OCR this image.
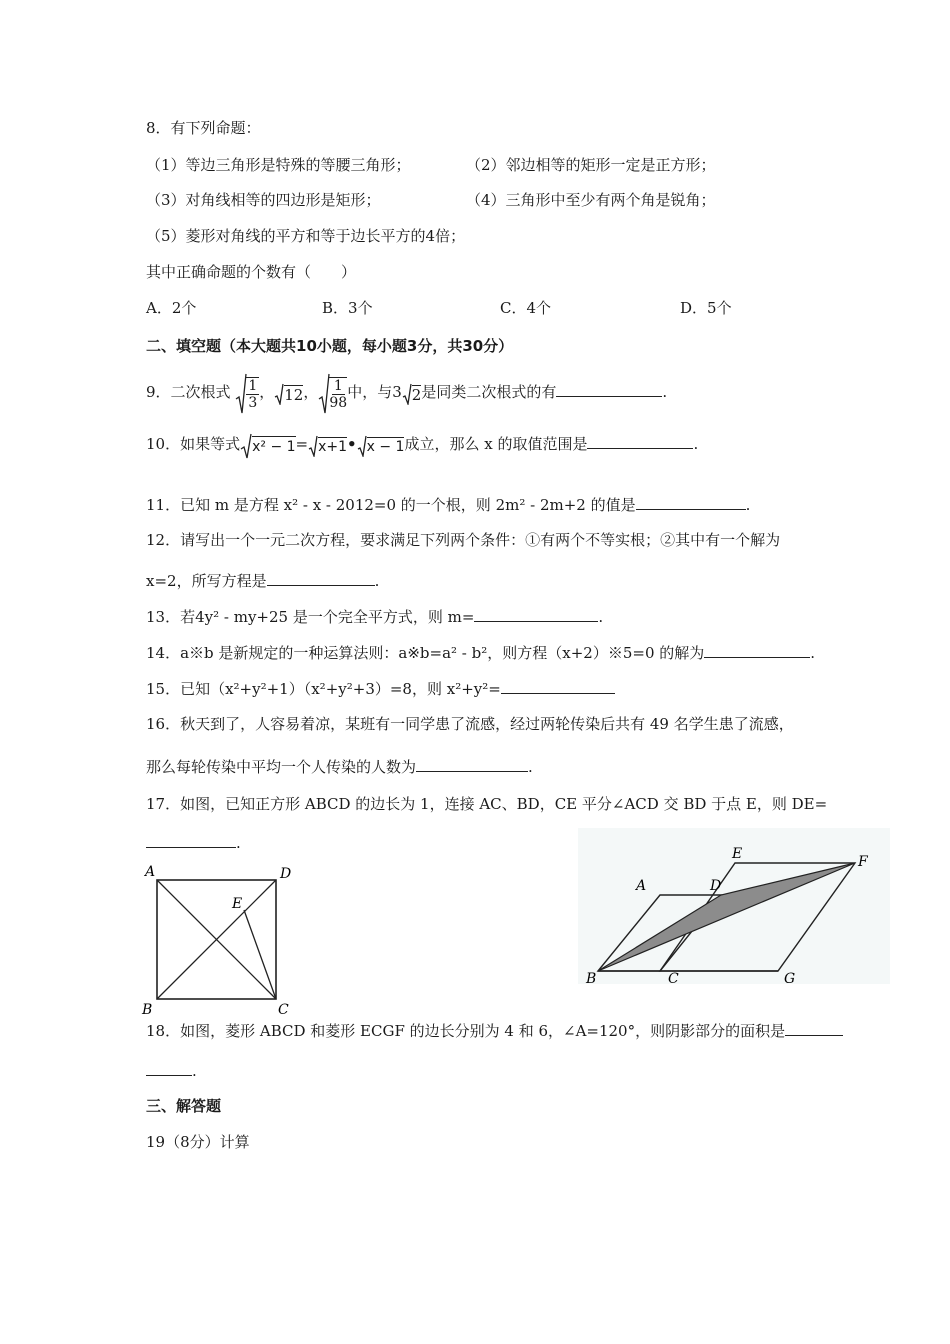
8．有下列命题：
（1）等边三角形是特殊的等腰三角形；	（2）邻边相等的矩形一定是正方形；
（3）对角线相等的四边形是矩形；	（4）三角形中至少有两个角是锐角；
（5）菱形对角线的平方和等于边长平方的4倍；
其中正确命题的个数有（　　）
A．2个	B．3个	C．4个	D．5个
二、填空题（本大题共10小题，每小题3分，共30分）
9．二次根式 $\frac{1}{3}$ ， 12， $\frac{1}{98}$ 中，与3 2是同类二次根式的有	.
10．如果等式 x² − 1= x+1• x − 1成立，那么 x 的取值范围是	.
11．已知 m 是方程 x² - x - 2012=0 的一个根，则 2m² - 2m+2 的值是	.
12．请写出一个一元二次方程，要求满足下列两个条件：①有两个不等实根；②其中有一个解为
x=2，所写方程是	.
13．若4y² - my+25 是一个完全平方式，则 m=	.
14．a※b 是新规定的一种运算法则：a※b=a² - b²，则方程（x+2）※5=0 的解为	.
15．已知（x²+y²+1）（x²+y²+3）=8，则 x²+y²=
16．秋天到了，人容易着凉，某班有一同学患了流感，经过两轮传染后共有 49 名学生患了流感，
那么每轮传染中平均一个人传染的人数为	.
17．如图，已知正方形 ABCD 的边长为 1，连接 AC、BD，CE 平分∠ACD 交 BD 于点 E，则 DE=
.
A	D
E
B	C
E	F
A	D
B	C	G
18．如图，菱形 ABCD 和菱形 ECGF 的边长分别为 4 和 6，∠A=120°，则阴影部分的面积是
.
三、解答题
19（8分）计算
